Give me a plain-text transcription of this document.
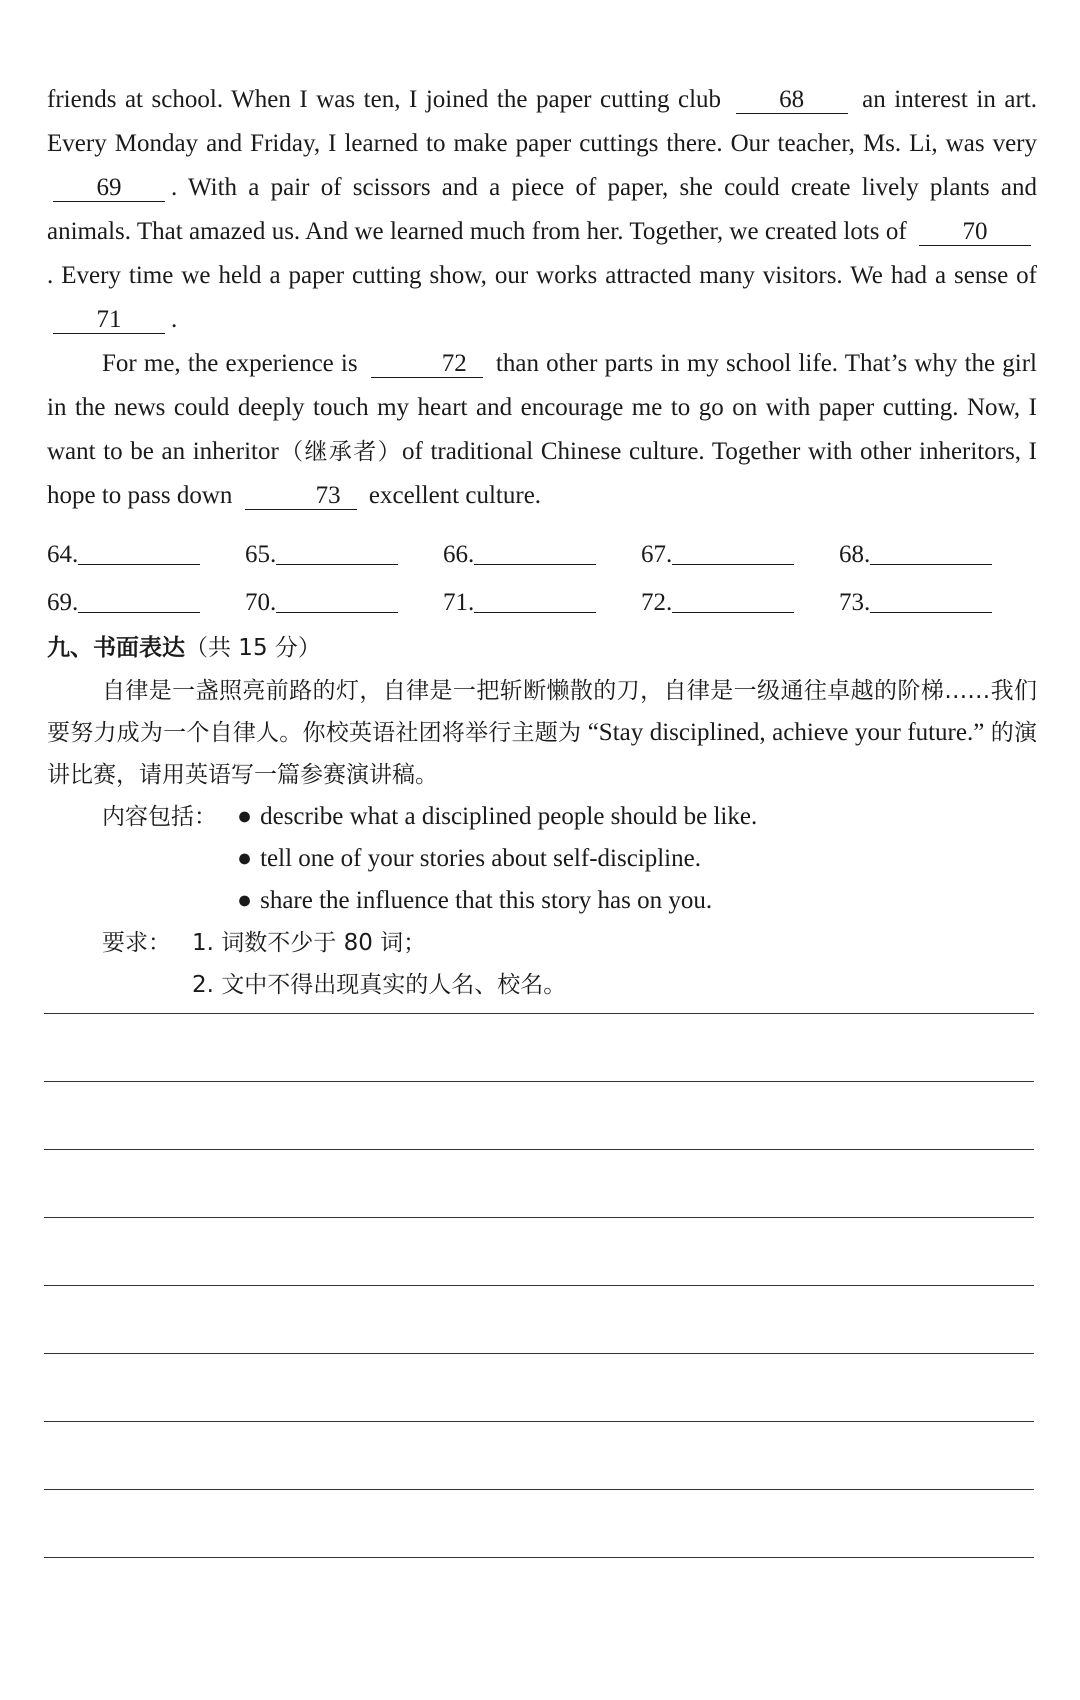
friends at school. When I was ten, I joined the paper cutting club 68 an interest in art. Every Monday and Friday, I learned to make paper cuttings there. Our teacher, Ms. Li, was very 69 . With a pair of scissors and a piece of paper, she could create lively plants and animals. That amazed us. And we learned much from her. Together, we created lots of 70. Every time we held a paper cutting show, our works attracted many visitors. We had a sense of 71 .

For me, the experience is	72 than other parts in my school life. That’s why the girl in the news could deeply touch my heart and encourage me to go on with paper cutting. Now, I want to be an inheritor（继承者）of traditional Chinese culture. Together with other inheritors, I hope to pass down	73 excellent culture.

64.	65.	66.	67.	68.
69.	70.	71.	72.	73.
九、书面表达（共 15 分）

自律是一盏照亮前路的灯，自律是一把斩断懒散的刀，自律是一级通往卓越的阶梯……我们要努力成为一个自律人。你校英语社团将举行主题为 “Stay disciplined, achieve your future.” 的演讲比赛，请用英语写一篇参赛演讲稿。

内容包括： ● describe what a disciplined people should be like.
● tell one of your stories about self-discipline.
● share the influence that this story has on you.
要求： 1. 词数不少于 80 词；
2. 文中不得出现真实的人名、校名。
